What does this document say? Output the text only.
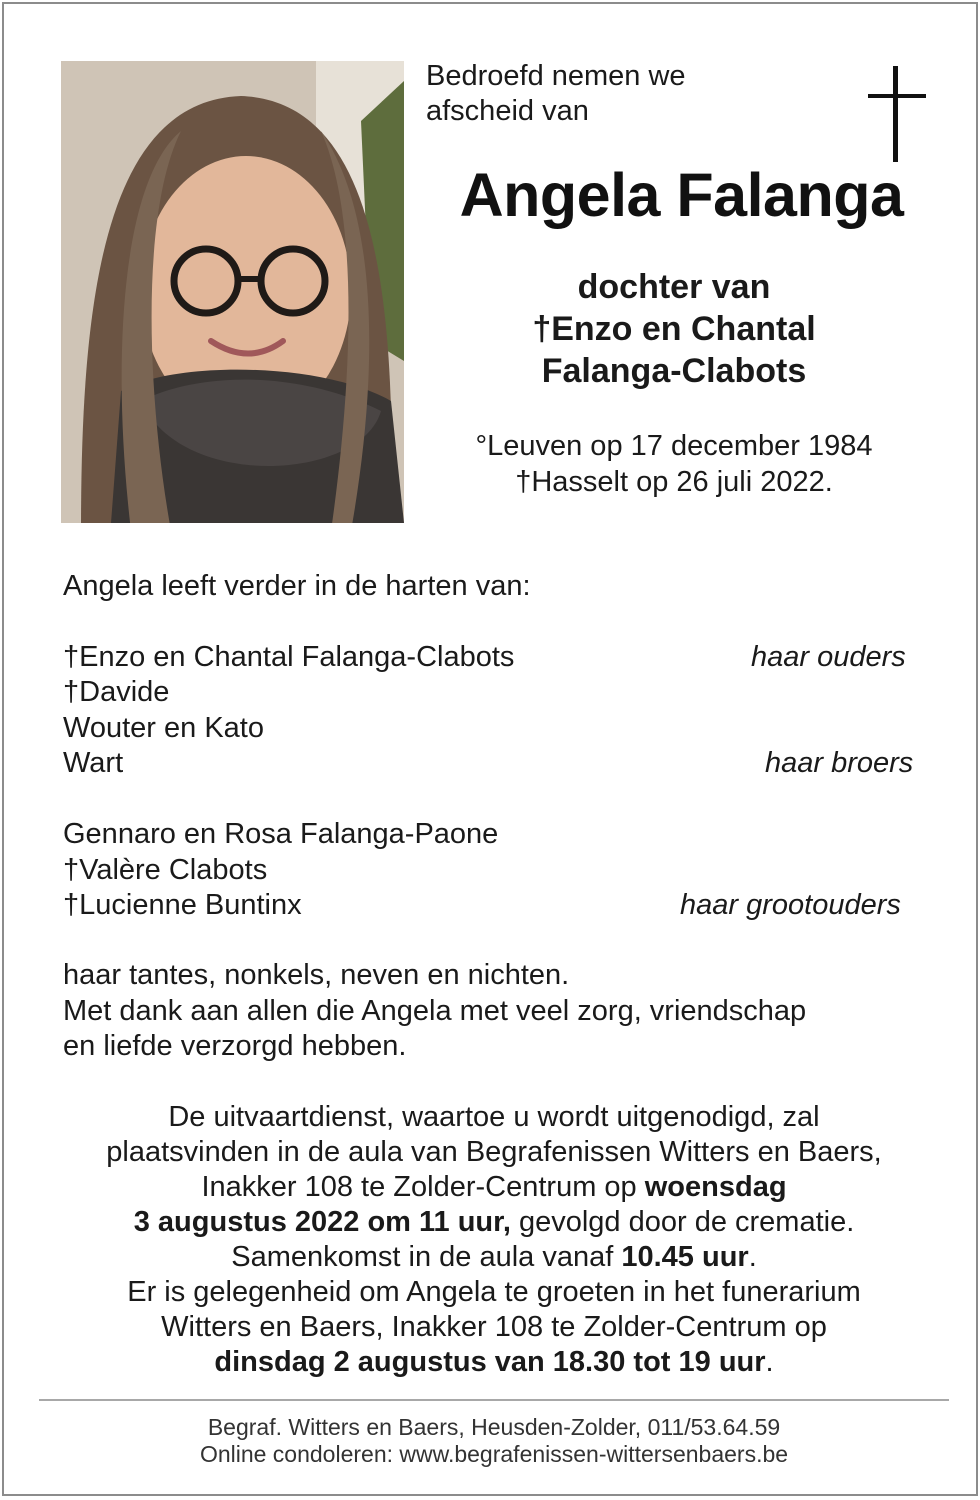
Bedroefd nemen we
afscheid van
Angela Falanga
dochter van
†Enzo en Chantal
Falanga-Clabots
°Leuven op 17 december 1984
†Hasselt op 26 juli 2022.
Angela leeft verder in de harten van:
†Enzo en Chantal Falanga-Clabots	haar ouders
†Davide
Wouter en Kato
Wart	haar broers
Gennaro en Rosa Falanga-Paone
†Valère Clabots
†Lucienne Buntinx	haar grootouders
haar tantes, nonkels, neven en nichten.
Met dank aan allen die Angela met veel zorg, vriendschap
en liefde verzorgd hebben.
De uitvaartdienst, waartoe u wordt uitgenodigd, zal
plaatsvinden in de aula van Begrafenissen Witters en Baers,
Inakker 108 te Zolder-Centrum op woensdag
3 augustus 2022 om 11 uur, gevolgd door de crematie.
Samenkomst in de aula vanaf 10.45 uur.
Er is gelegenheid om Angela te groeten in het funerarium
Witters en Baers, Inakker 108 te Zolder-Centrum op
dinsdag 2 augustus van 18.30 tot 19 uur.
Begraf. Witters en Baers, Heusden-Zolder, 011/53.64.59
Online condoleren: www.begrafenissen-wittersenbaers.be
